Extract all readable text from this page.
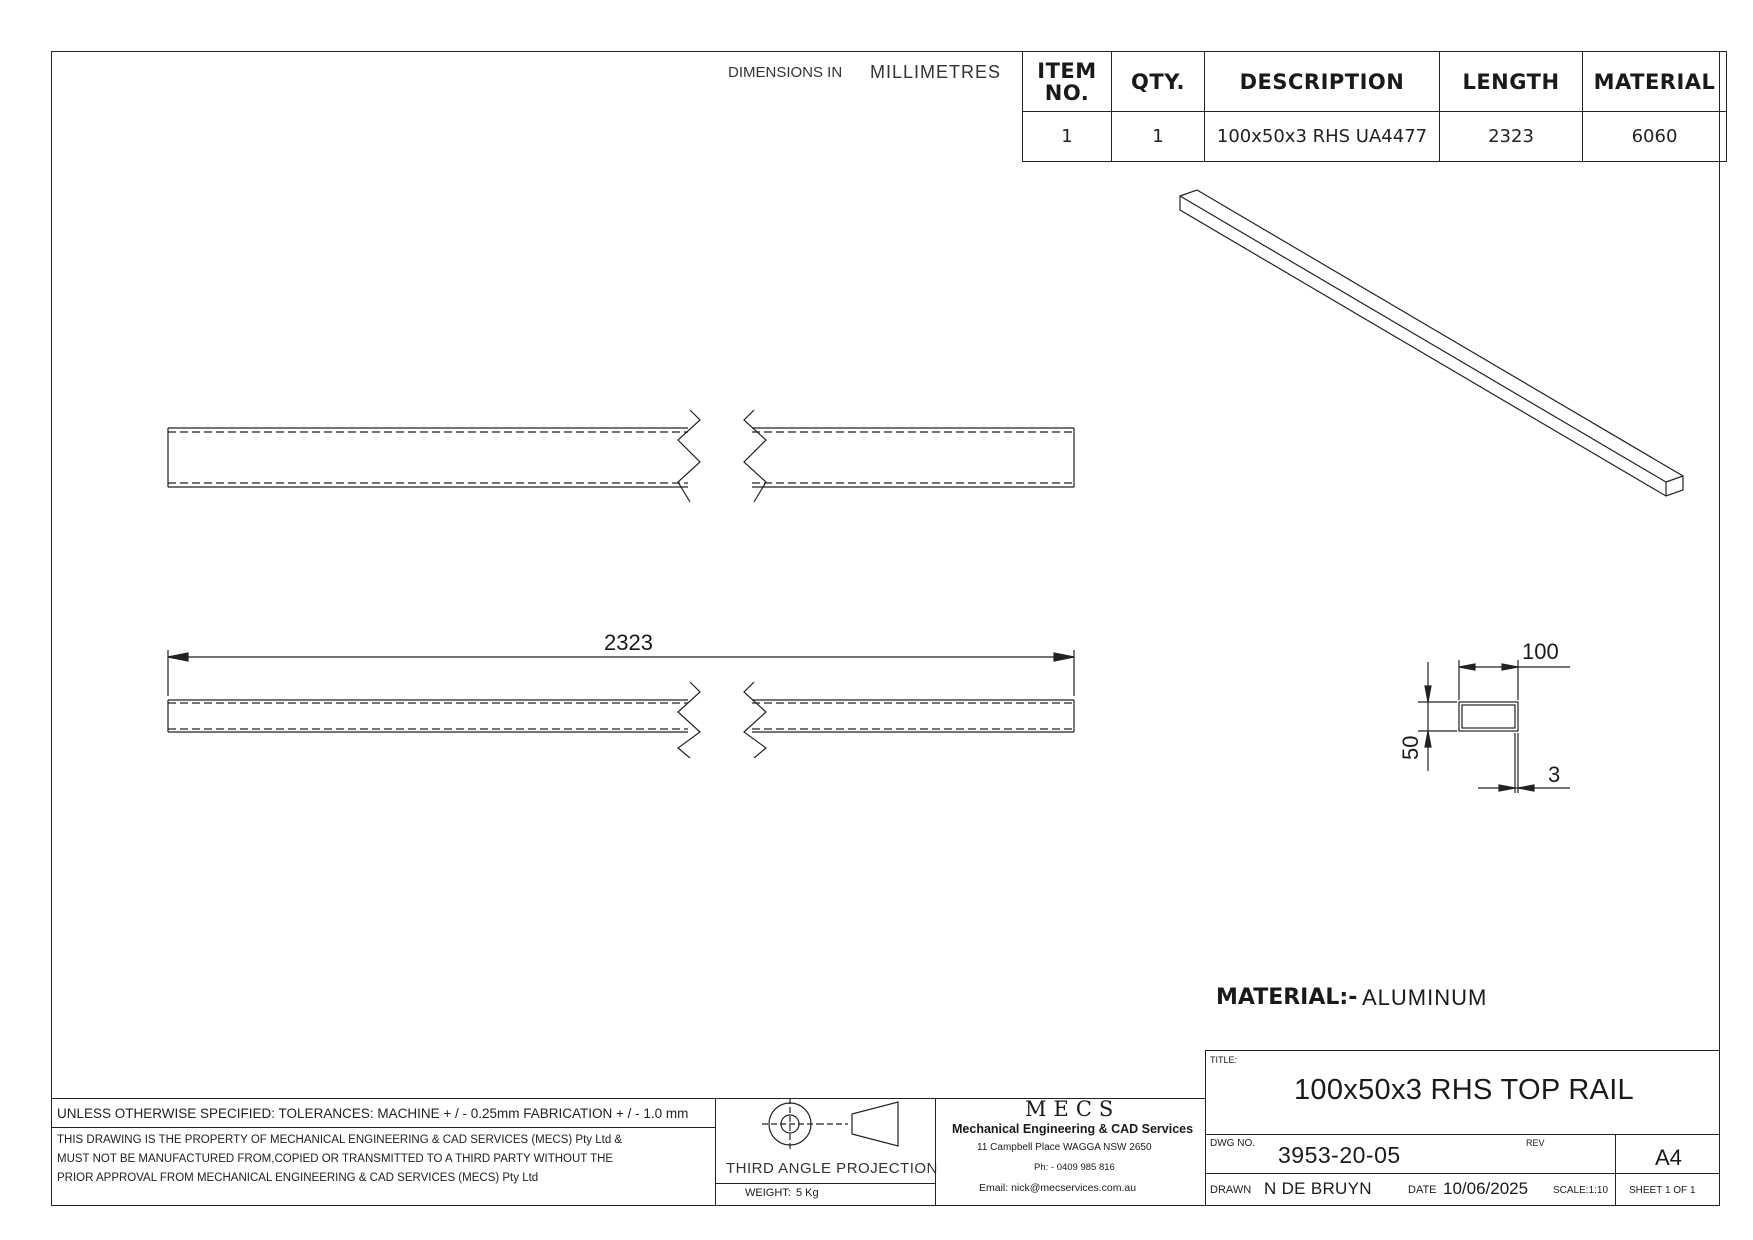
DIMENSIONS IN MILLIMETRES	ITEM
NO.	QTY.	DESCRIPTION	LENGTH	MATERIAL
1	1	100x50x3 RHS UA4477	2323	6060
2323	100
50
3
MATERIAL:- ALUMINUM
UNLESS OTHERWISE SPECIFIED: TOLERANCES: MACHINE + / - 0.25mm FABRICATION + / - 1.0 mm
THIS DRAWING IS THE PROPERTY OF MECHANICAL ENGINEERING & CAD SERVICES (MECS) Pty Ltd &
MUST NOT BE MANUFACTURED FROM,COPIED OR TRANSMITTED TO A THIRD PARTY WITHOUT THE
PRIOR APPROVAL FROM MECHANICAL ENGINEERING & CAD SERVICES (MECS) Pty Ltd
THIRD ANGLE PROJECTION
WEIGHT: 5 Kg
MECS
Mechanical Engineering & CAD Services
11 Campbell Place WAGGA NSW 2650
Ph: - 0409 985 816
Email: nick@mecservices.com.au
TITLE:
100x50x3 RHS TOP RAIL
DWG NO. 3953-20-05	REV
A4
DRAWN N DE BRUYN	DATE 10/06/2025 SCALE:1:10 SHEET 1 OF 1
